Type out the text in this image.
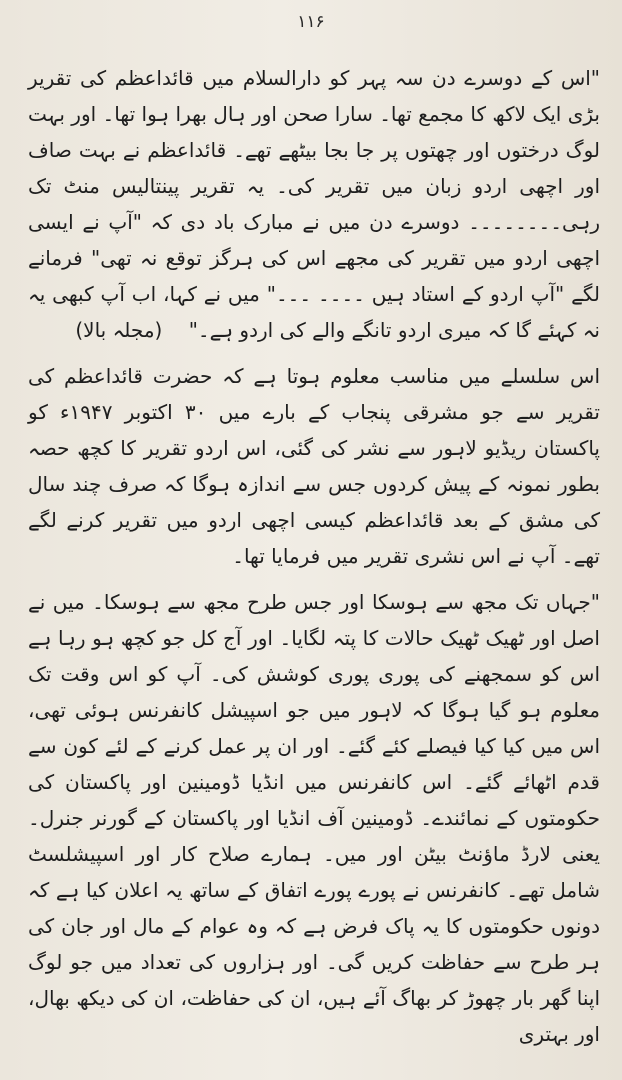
۱۱۶

"اس کے دوسرے دن سہ پہر کو دارالسلام میں قائداعظم کی تقریر بڑی ایک لاکھ کا مجمع تھا۔ سارا صحن اور ہال بھرا ہوا تھا۔ اور بہت لوگ درختوں اور چھتوں پر جا بجا بیٹھے تھے۔ قائداعظم نے بہت صاف اور اچھی اردو زبان میں تقریر کی۔ یہ تقریر پینتالیس منٹ تک رہی۔۔۔۔۔۔۔۔ دوسرے دن میں نے مبارک باد دی کہ "آپ نے ایسی اچھی اردو میں تقریر کی مجھے اس کی ہرگز توقع نہ تھی" فرمانے لگے "آپ اردو کے استاد ہیں ۔۔۔۔ ۔۔۔" میں نے کہا، اب آپ کبھی یہ نہ کہئے گا کہ میری اردو تانگے والے کی اردو ہے۔" (مجلہ بالا)

اس سلسلے میں مناسب معلوم ہوتا ہے کہ حضرت قائداعظم کی تقریر سے جو مشرقی پنجاب کے بارے میں ۳۰ اکتوبر ۱۹۴۷ء کو پاکستان ریڈیو لاہور سے نشر کی گئی، اس اردو تقریر کا کچھ حصہ بطور نمونہ کے پیش کردوں جس سے اندازہ ہوگا کہ صرف چند سال کی مشق کے بعد قائداعظم کیسی اچھی اردو میں تقریر کرنے لگے تھے۔ آپ نے اس نشری تقریر میں فرمایا تھا۔

"جہاں تک مجھ سے ہوسکا اور جس طرح مجھ سے ہوسکا۔ میں نے اصل اور ٹھیک ٹھیک حالات کا پتہ لگایا۔ اور آج کل جو کچھ ہو رہا ہے اس کو سمجھنے کی پوری پوری کوشش کی۔ آپ کو اس وقت تک معلوم ہو گیا ہوگا کہ لاہور میں جو اسپیشل کانفرنس ہوئی تھی، اس میں کیا کیا فیصلے کئے گئے۔ اور ان پر عمل کرنے کے لئے کون سے قدم اٹھائے گئے۔ اس کانفرنس میں انڈیا ڈومینین اور پاکستان کی حکومتوں کے نمائندے۔ ڈومینین آف انڈیا اور پاکستان کے گورنر جنرل۔ یعنی لارڈ ماؤنٹ بیٹن اور میں۔ ہمارے صلاح کار اور اسپیشلسٹ شامل تھے۔ کانفرنس نے پورے پورے اتفاق کے ساتھ یہ اعلان کیا ہے کہ دونوں حکومتوں کا یہ پاک فرض ہے کہ وہ عوام کے مال اور جان کی ہر طرح سے حفاظت کریں گی۔ اور ہزاروں کی تعداد میں جو لوگ اپنا گھر بار چھوڑ کر بھاگ آئے ہیں، ان کی حفاظت، ان کی دیکھ بھال، اور بہتری
